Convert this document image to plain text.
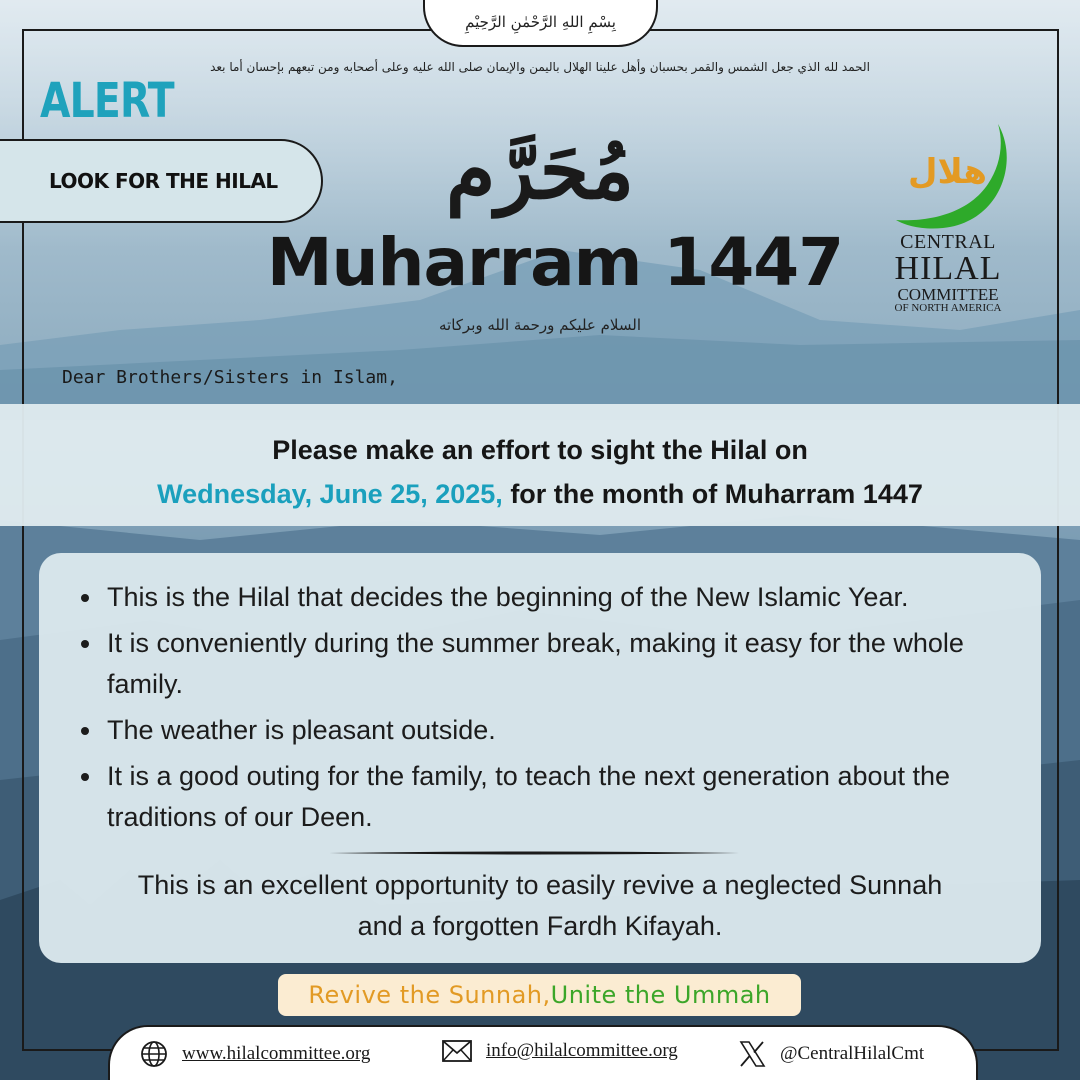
بِسْمِ اللهِ الرَّحْمٰنِ الرَّحِيْمِ
الحمد لله الذي جعل الشمس والقمر بحسبان وأهل علينا الهلال باليمن والإيمان صلى الله عليه وعلى أصحابه ومن تبعهم بإحسان أما بعد
ALERT
LOOK FOR THE HILAL	مُحَرَّم
Muharram 1447
السلام عليكم ورحمة الله وبركاته
هلال
CENTRAL
HILAL
COMMITTEE
OF NORTH AMERICA
Dear Brothers/Sisters in Islam,
Please make an effort to sight the Hilal on
Wednesday, June 25, 2025, for the month of Muharram 1447
This is the Hilal that decides the beginning of the New Islamic Year.
It is conveniently during the summer break, making it easy for the whole family.
The weather is pleasant outside.
It is a good outing for the family, to teach the next generation about the traditions of our Deen.
This is an excellent opportunity to easily revive a neglected Sunnah
and a forgotten Fardh Kifayah.
Revive the Sunnah, Unite the Ummah
www.hilalcommittee.org	info@hilalcommittee.org	@CentralHilalCmt
